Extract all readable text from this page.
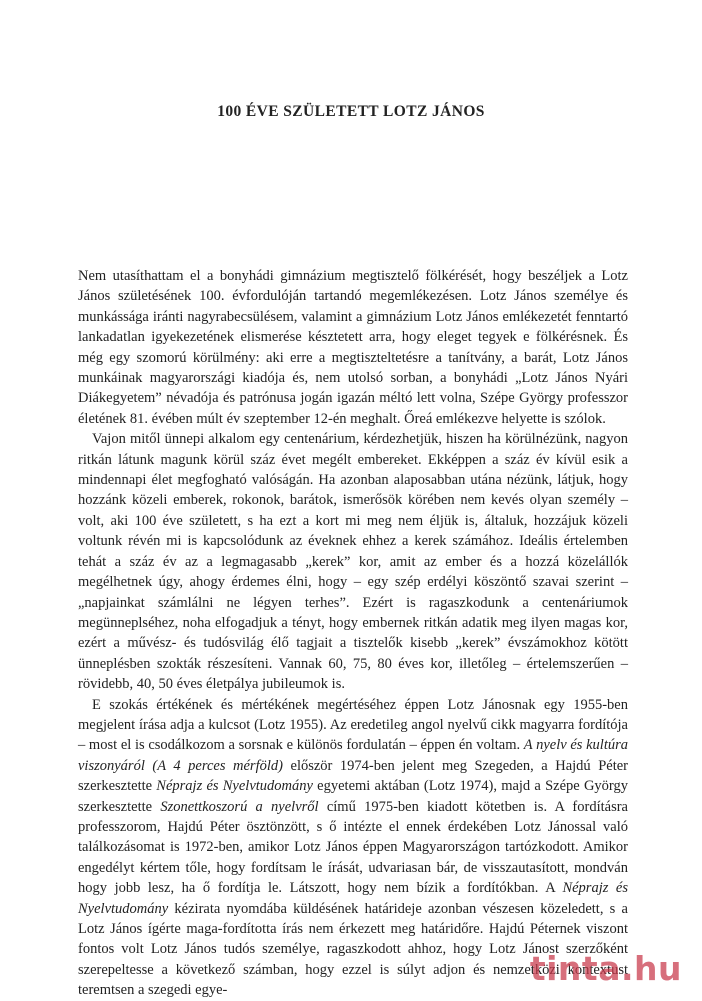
100 ÉVE SZÜLETETT LOTZ JÁNOS

Nem utasíthattam el a bonyhádi gimnázium megtisztelő fölkérését, hogy beszéljek a Lotz János születésének 100. évfordulóján tartandó megemlékezésen. Lotz János személye és munkássága iránti nagyrabecsülésem, valamint a gimnázium Lotz János emlékezetét fenntartó lankadatlan igyekezetének elismerése késztetett arra, hogy eleget tegyek e fölkérésnek. És még egy szomorú körülmény: aki erre a megtiszteltetésre a tanítvány, a barát, Lotz János munkáinak magyarországi kiadója és, nem utolsó sorban, a bonyhádi „Lotz János Nyári Diákegyetem” névadója és patrónusa jogán igazán méltó lett volna, Szépe György professzor életének 81. évében múlt év szeptember 12-én meghalt. Őreá emlékezve helyette is szólok.

Vajon mitől ünnepi alkalom egy centenárium, kérdezhetjük, hiszen ha körülnézünk, nagyon ritkán látunk magunk körül száz évet megélt embereket. Ekképpen a száz év kívül esik a mindennapi élet megfogható valóságán. Ha azonban alaposabban utána nézünk, látjuk, hogy hozzánk közeli emberek, rokonok, barátok, ismerősök körében nem kevés olyan személy – volt, aki 100 éve született, s ha ezt a kort mi meg nem éljük is, általuk, hozzájuk közeli voltunk révén mi is kapcsolódunk az éveknek ehhez a kerek számához. Ideális értelemben tehát a száz év az a legmagasabb „kerek” kor, amit az ember és a hozzá közelállók megélhetnek úgy, ahogy érdemes élni, hogy – egy szép erdélyi köszöntő szavai szerint – „napjainkat számlálni ne légyen terhes”. Ezért is ragaszkodunk a centenáriumok megünneplséhez, noha elfogadjuk a tényt, hogy embernek ritkán adatik meg ilyen magas kor, ezért a művész- és tudósvilág élő tagjait a tisztelők kisebb „kerek” évszámokhoz kötött ünneplésben szokták részesíteni. Vannak 60, 75, 80 éves kor, illetőleg – értelemszerűen – rövidebb, 40, 50 éves életpálya jubileumok is.

E szokás értékének és mértékének megértéséhez éppen Lotz Jánosnak egy 1955-ben megjelent írása adja a kulcsot (Lotz 1955). Az eredetileg angol nyelvű cikk magyarra fordítója – most el is csodálkozom a sorsnak e különös fordulatán – éppen én voltam. A nyelv és kultúra viszonyáról (A 4 perces mérföld) először 1974-ben jelent meg Szegeden, a Hajdú Péter szerkesztette Néprajz és Nyelvtudomány egyetemi aktában (Lotz 1974), majd a Szépe György szerkesztette Szonettkoszorú a nyelvről című 1975-ben kiadott kötetben is. A fordításra professzorom, Hajdú Péter ösztönzött, s ő intézte el ennek érdekében Lotz Jánossal való találkozásomat is 1972-ben, amikor Lotz János éppen Magyarországon tartózkodott. Amikor engedélyt kértem tőle, hogy fordítsam le írását, udvariasan bár, de visszautasított, mondván hogy jobb lesz, ha ő fordítja le. Látszott, hogy nem bízik a fordítókban. A Néprajz és Nyelvtudomány kézirata nyomdába küldésének határideje azonban vészesen közeledett, s a Lotz János ígérte maga-fordította írás nem érkezett meg határidőre. Hajdú Péternek viszont fontos volt Lotz János tudós személye, ragaszkodott ahhoz, hogy Lotz Jánost szerzőként szerepeltesse a következő számban, hogy ezzel is súlyt adjon és nemzetközi kontextust teremtsen a szegedi egye-

tinta.hu
